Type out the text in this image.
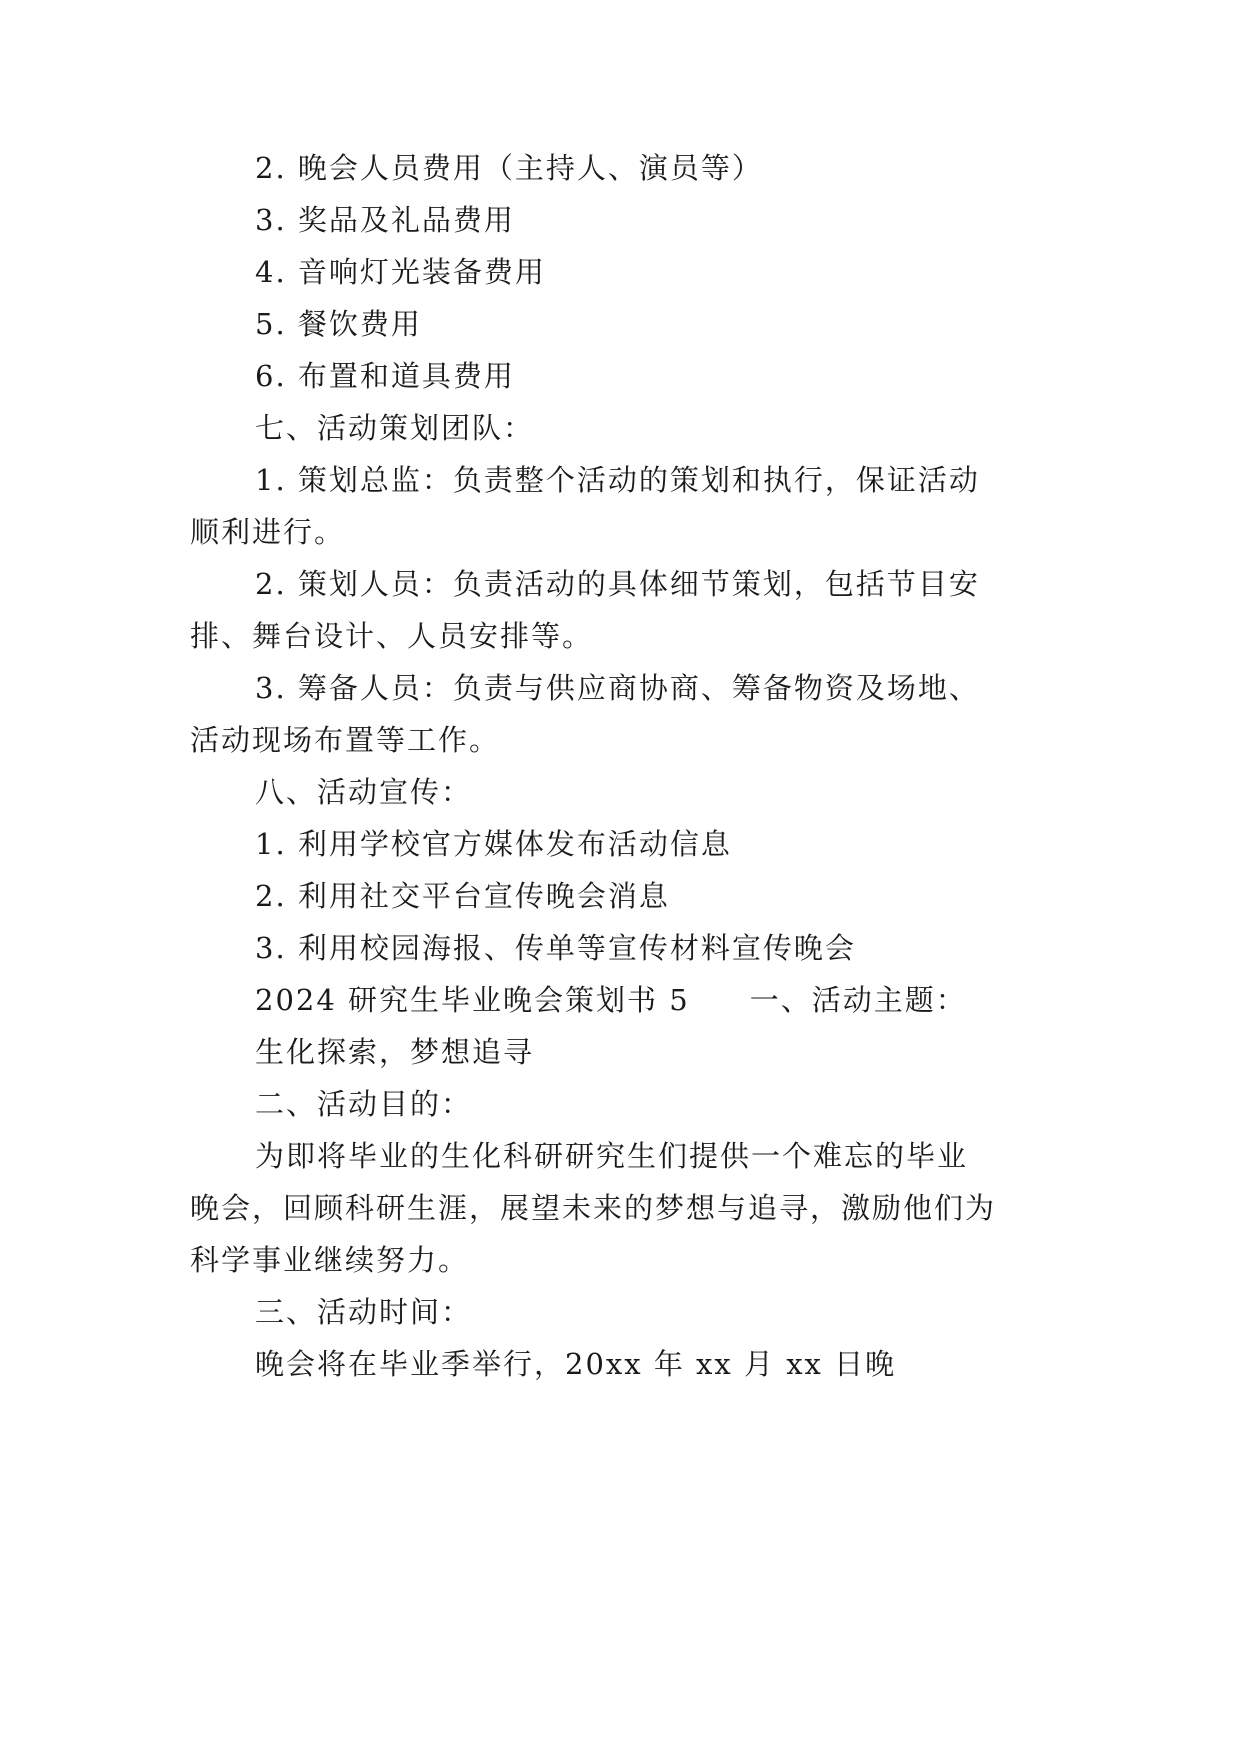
2. 晚会人员费用（主持人、演员等）

3. 奖品及礼品费用

4. 音响灯光装备费用

5. 餐饮费用

6. 布置和道具费用

七、活动策划团队：

1. 策划总监：负责整个活动的策划和执行，保证活动

顺利进行。

2. 策划人员：负责活动的具体细节策划，包括节目安

排、舞台设计、人员安排等。

3. 筹备人员：负责与供应商协商、筹备物资及场地、

活动现场布置等工作。

八、活动宣传：

1. 利用学校官方媒体发布活动信息

2. 利用社交平台宣传晚会消息

3. 利用校园海报、传单等宣传材料宣传晚会

2024 研究生毕业晚会策划书 5 一、活动主题：

生化探索，梦想追寻

二、活动目的：

为即将毕业的生化科研研究生们提供一个难忘的毕业

晚会，回顾科研生涯，展望未来的梦想与追寻，激励他们为

科学事业继续努力。

三、活动时间：

晚会将在毕业季举行，20xx 年 xx 月 xx 日晚
